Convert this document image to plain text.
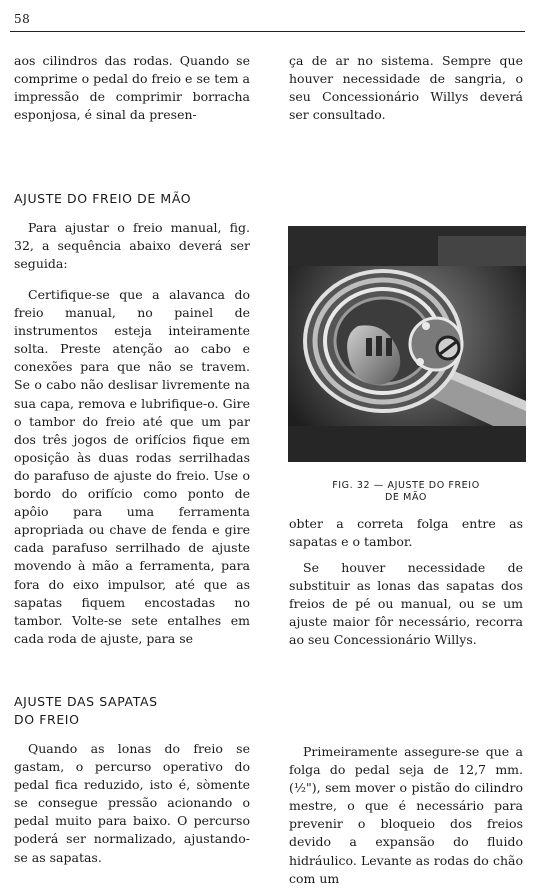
58

aos cilindros das rodas. Quando se comprime o pedal do freio e se tem a impressão de comprimir borracha esponjosa, é sinal da presen-

AJUSTE DO FREIO DE MÃO

Para ajustar o freio manual, fig. 32, a sequência abaixo deverá ser seguida:

Certifique-se que a alavanca do freio manual, no painel de instrumentos esteja inteiramente solta. Preste atenção ao cabo e conexões para que não se travem. Se o cabo não deslisar livremente na sua capa, remova e lubrifique-o. Gire o tambor do freio até que um par dos três jogos de orifícios fique em oposição às duas rodas serrilhadas do parafuso de ajuste do freio. Use o bordo do orifício como ponto de apôio para uma ferramenta apropriada ou chave de fenda e gire cada parafuso serrilhado de ajuste movendo à mão a ferramenta, para fora do eixo impulsor, até que as sapatas fiquem encostadas no tambor. Volte-se sete entalhes em cada roda de ajuste, para se

AJUSTE DAS SAPATAS
DO FREIO

Quando as lonas do freio se gastam, o percurso operativo do pedal fica reduzido, isto é, sòmente se consegue pressão acionando o pedal muito para baixo. O percurso poderá ser normalizado, ajustando-se as sapatas.

ça de ar no sistema. Sempre que houver necessidade de sangria, o seu Concessionário Willys deverá ser consultado.

FIG. 32 — AJUSTE DO FREIO
DE MÃO

obter a correta folga entre as sapatas e o tambor.

Se houver necessidade de substituir as lonas das sapatas dos freios de pé ou manual, ou se um ajuste maior fôr necessário, recorra ao seu Concessionário Willys.

Primeiramente assegure-se que a folga do pedal seja de 12,7 mm. (½"), sem mover o pistão do cilindro mestre, o que é necessário para prevenir o bloqueio dos freios devido a expansão do fluido hidráulico. Levante as rodas do chão com um
